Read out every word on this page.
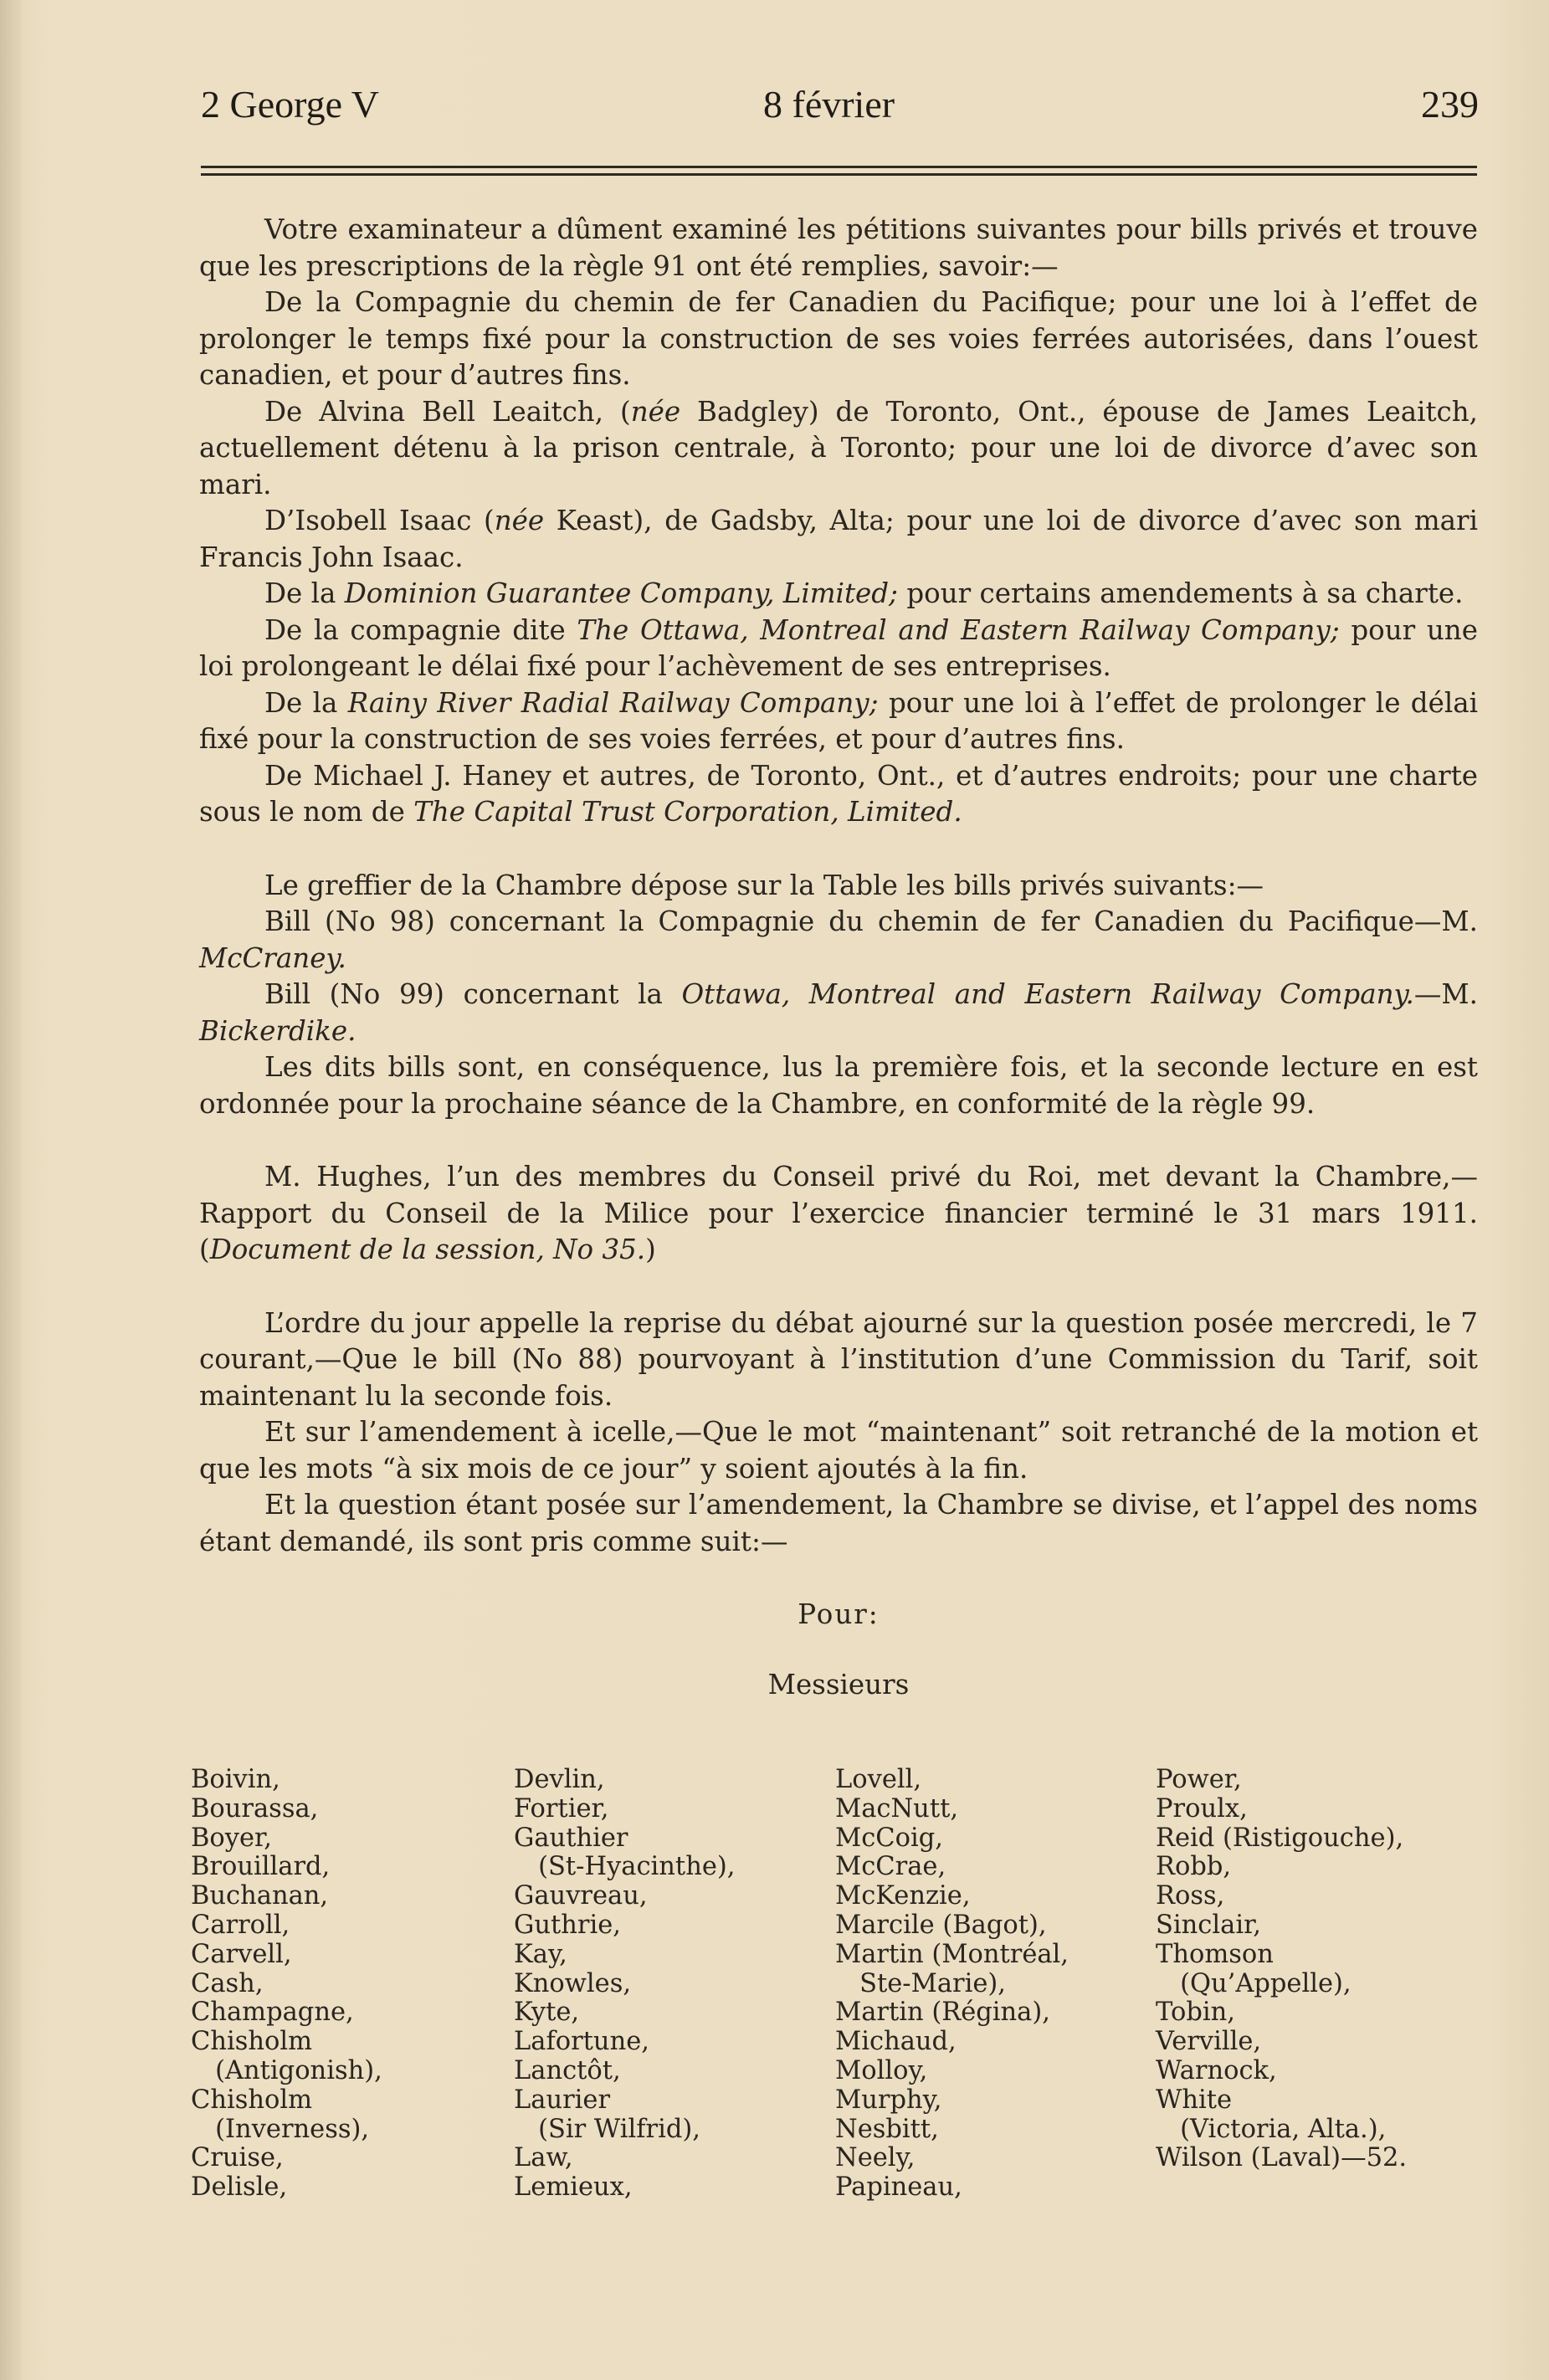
2 George V	8 février	239

Votre examinateur a dûment examiné les pétitions suivantes pour bills privés et trouve que les prescriptions de la règle 91 ont été remplies, savoir:—

De la Compagnie du chemin de fer Canadien du Pacifique; pour une loi à l’effet de prolonger le temps fixé pour la construction de ses voies ferrées autorisées, dans l’ouest canadien, et pour d’autres fins.

De Alvina Bell Leaitch, (née Badgley) de Toronto, Ont., épouse de James Leaitch, actuellement détenu à la prison centrale, à Toronto; pour une loi de divorce d’avec son mari.

D’Isobell Isaac (née Keast), de Gadsby, Alta; pour une loi de divorce d’avec son mari Francis John Isaac.

De la Dominion Guarantee Company, Limited; pour certains amendements à sa charte.

De la compagnie dite The Ottawa, Montreal and Eastern Railway Company; pour une loi prolongeant le délai fixé pour l’achèvement de ses entreprises.

De la Rainy River Radial Railway Company; pour une loi à l’effet de prolonger le délai fixé pour la construction de ses voies ferrées, et pour d’autres fins.

De Michael J. Haney et autres, de Toronto, Ont., et d’autres endroits; pour une charte sous le nom de The Capital Trust Corporation, Limited.

Le greffier de la Chambre dépose sur la Table les bills privés suivants:—

Bill (No 98) concernant la Compagnie du chemin de fer Canadien du Pacifique—M. McCraney.

Bill (No 99) concernant la Ottawa, Montreal and Eastern Railway Company.—M. Bickerdike.

Les dits bills sont, en conséquence, lus la première fois, et la seconde lecture en est ordonnée pour la prochaine séance de la Chambre, en conformité de la règle 99.

M. Hughes, l’un des membres du Conseil privé du Roi, met devant la Chambre,—Rapport du Conseil de la Milice pour l’exercice financier terminé le 31 mars 1911. (Document de la session, No 35.)

L’ordre du jour appelle la reprise du débat ajourné sur la question posée mercredi, le 7 courant,—Que le bill (No 88) pourvoyant à l’institution d’une Commission du Tarif, soit maintenant lu la seconde fois.

Et sur l’amendement à icelle,—Que le mot “maintenant” soit retranché de la motion et que les mots “à six mois de ce jour” y soient ajoutés à la fin.

Et la question étant posée sur l’amendement, la Chambre se divise, et l’appel des noms étant demandé, ils sont pris comme suit:—

Pour:

Messieurs

Boivin,
Bourassa,
Boyer,
Brouillard,
Buchanan,
Carroll,
Carvell,
Cash,
Champagne,
Chisholm
(Antigonish),
Chisholm
(Inverness),
Cruise,
Delisle,
Devlin,
Fortier,
Gauthier
(St-Hyacinthe),
Gauvreau,
Guthrie,
Kay,
Knowles,
Kyte,
Lafortune,
Lanctôt,
Laurier
(Sir Wilfrid),
Law,
Lemieux,
Lovell,
MacNutt,
McCoig,
McCrae,
McKenzie,
Marcile (Bagot),
Martin (Montréal,
Ste-Marie),
Martin (Régina),
Michaud,
Molloy,
Murphy,
Nesbitt,
Neely,
Papineau,
Power,
Proulx,
Reid (Ristigouche),
Robb,
Ross,
Sinclair,
Thomson
(Qu’Appelle),
Tobin,
Verville,
Warnock,
White
(Victoria, Alta.),
Wilson (Laval)—52.
